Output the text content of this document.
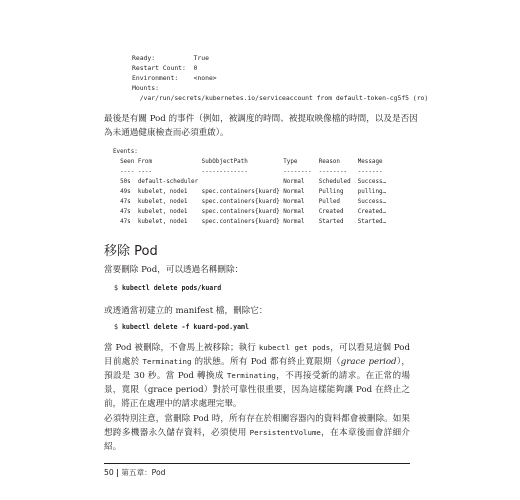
Ready:          True
Restart Count:  0
Environment:    <none>
Mounts:
/var/run/secrets/kubernetes.io/serviceaccount from default-token-cg5f5 (ro)
最後是有關 Pod 的事件（例如，被調度的時間、被提取映像檔的時間，以及是否因
為未通過健康檢查而必須重啟）。
Events:
Seen From              SubObjectPath          Type      Reason     Message
---- ----              -------------          --------  --------   -------
50s  default-scheduler                        Normal    Scheduled  Success…
49s  kubelet, node1    spec.containers{kuard} Normal    Pulling    pulling…
47s  kubelet, node1    spec.containers{kuard} Normal    Pulled     Success…
47s  kubelet, node1    spec.containers{kuard} Normal    Created    Created…
47s  kubelet, node1    spec.containers{kuard} Normal    Started    Started…
移除 Pod

當要刪除 Pod，可以透過名稱刪除：

$ kubectl delete pods/kuard

或透過當初建立的 manifest 檔，刪除它：

$ kubectl delete -f kuard-pod.yaml

當 Pod 被刪除，不會馬上被移除；執行 kubectl get pods，可以看見這個 Pod 目前處於 Terminating 的狀態。所有 Pod 都有終止寬限期（grace period），預設是 30 秒。當 Pod 轉換成 Terminating，不再接受新的請求。在正常的場景，寬限（grace period）對於可靠性很重要，因為這樣能夠讓 Pod 在終止之前，將正在處理中的請求處理完畢。

必須特別注意，當刪除 Pod 時，所有存在於相關容器內的資料都會被刪除。如果想跨多機器永久儲存資料，必須使用 PersistentVolume，在本章後面會詳細介紹。

50 | 第五章：Pod
